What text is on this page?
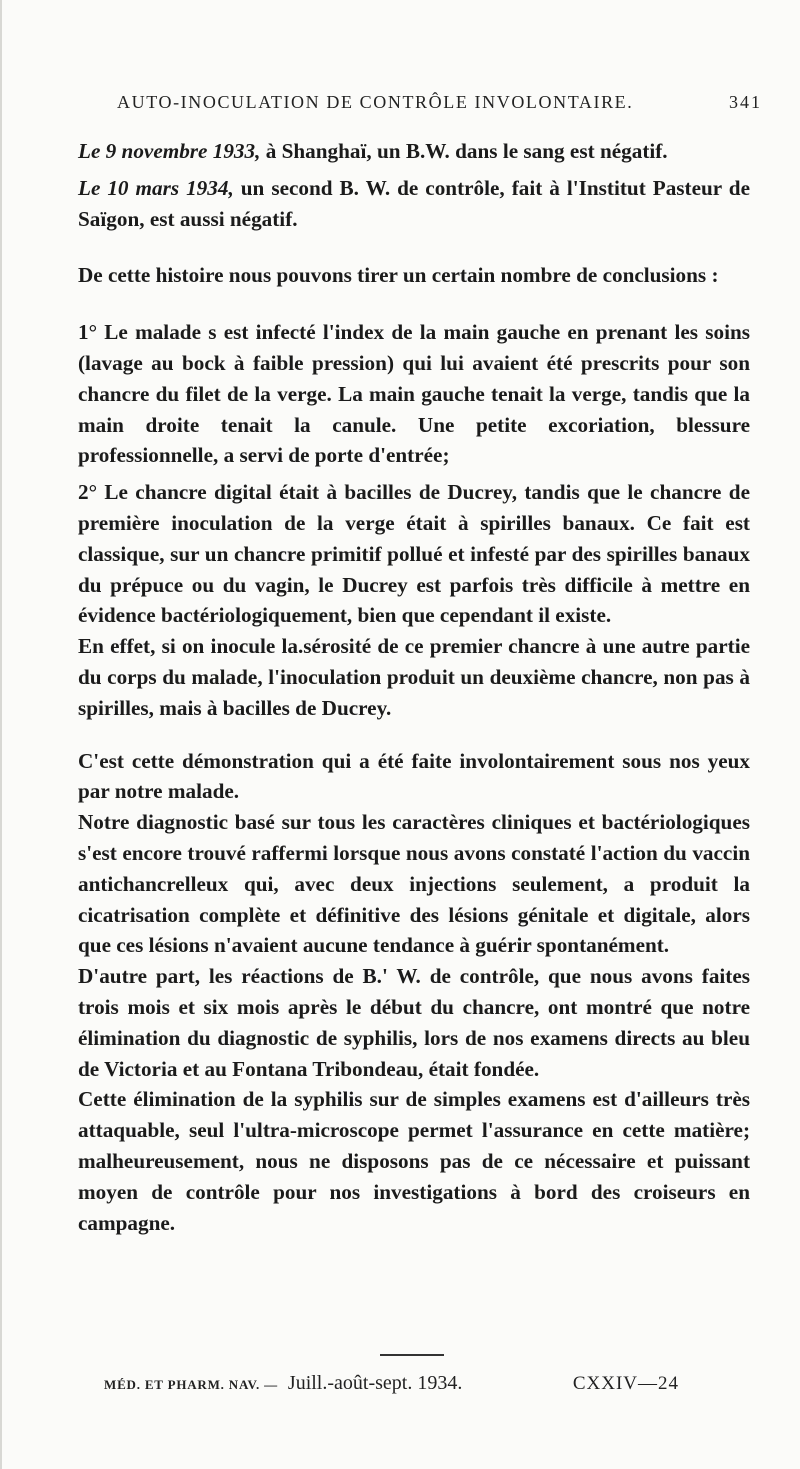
AUTO-INOCULATION DE CONTRÔLE INVOLONTAIRE.	341

Le 9 novembre 1933, à Shanghaï, un B.W. dans le sang est négatif.

Le 10 mars 1934, un second B. W. de contrôle, fait à l'Institut Pasteur de Saïgon, est aussi négatif.

De cette histoire nous pouvons tirer un certain nombre de conclusions :

1° Le malade s est infecté l'index de la main gauche en prenant les soins (lavage au bock à faible pression) qui lui avaient été prescrits pour son chancre du filet de la verge. La main gauche tenait la verge, tandis que la main droite tenait la canule. Une petite excoriation, blessure professionnelle, a servi de porte d'entrée;

2° Le chancre digital était à bacilles de Ducrey, tandis que le chancre de première inoculation de la verge était à spirilles banaux. Ce fait est classique, sur un chancre primitif pollué et infesté par des spirilles banaux du prépuce ou du vagin, le Ducrey est parfois très difficile à mettre en évidence bactériologiquement, bien que cependant il existe.

En effet, si on inocule la.sérosité de ce premier chancre à une autre partie du corps du malade, l'inoculation produit un deuxième chancre, non pas à spirilles, mais à bacilles de Ducrey.

C'est cette démonstration qui a été faite involontairement sous nos yeux par notre malade.

Notre diagnostic basé sur tous les caractères cliniques et bactériologiques s'est encore trouvé raffermi lorsque nous avons constaté l'action du vaccin antichancrelleux qui, avec deux injections seulement, a produit la cicatrisation complète et définitive des lésions génitale et digitale, alors que ces lésions n'avaient aucune tendance à guérir spontanément.

D'autre part, les réactions de B.' W. de contrôle, que nous avons faites trois mois et six mois après le début du chancre, ont montré que notre élimination du diagnostic de syphilis, lors de nos examens directs au bleu de Victoria et au Fontana Tribondeau, était fondée.

Cette élimination de la syphilis sur de simples examens est d'ailleurs très attaquable, seul l'ultra-microscope permet l'assurance en cette matière; malheureusement, nous ne disposons pas de ce nécessaire et puissant moyen de contrôle pour nos investigations à bord des croiseurs en campagne.

MÉD. ET PHARM. NAV. — Juill.-août-sept. 1934.	CXXIV—24
